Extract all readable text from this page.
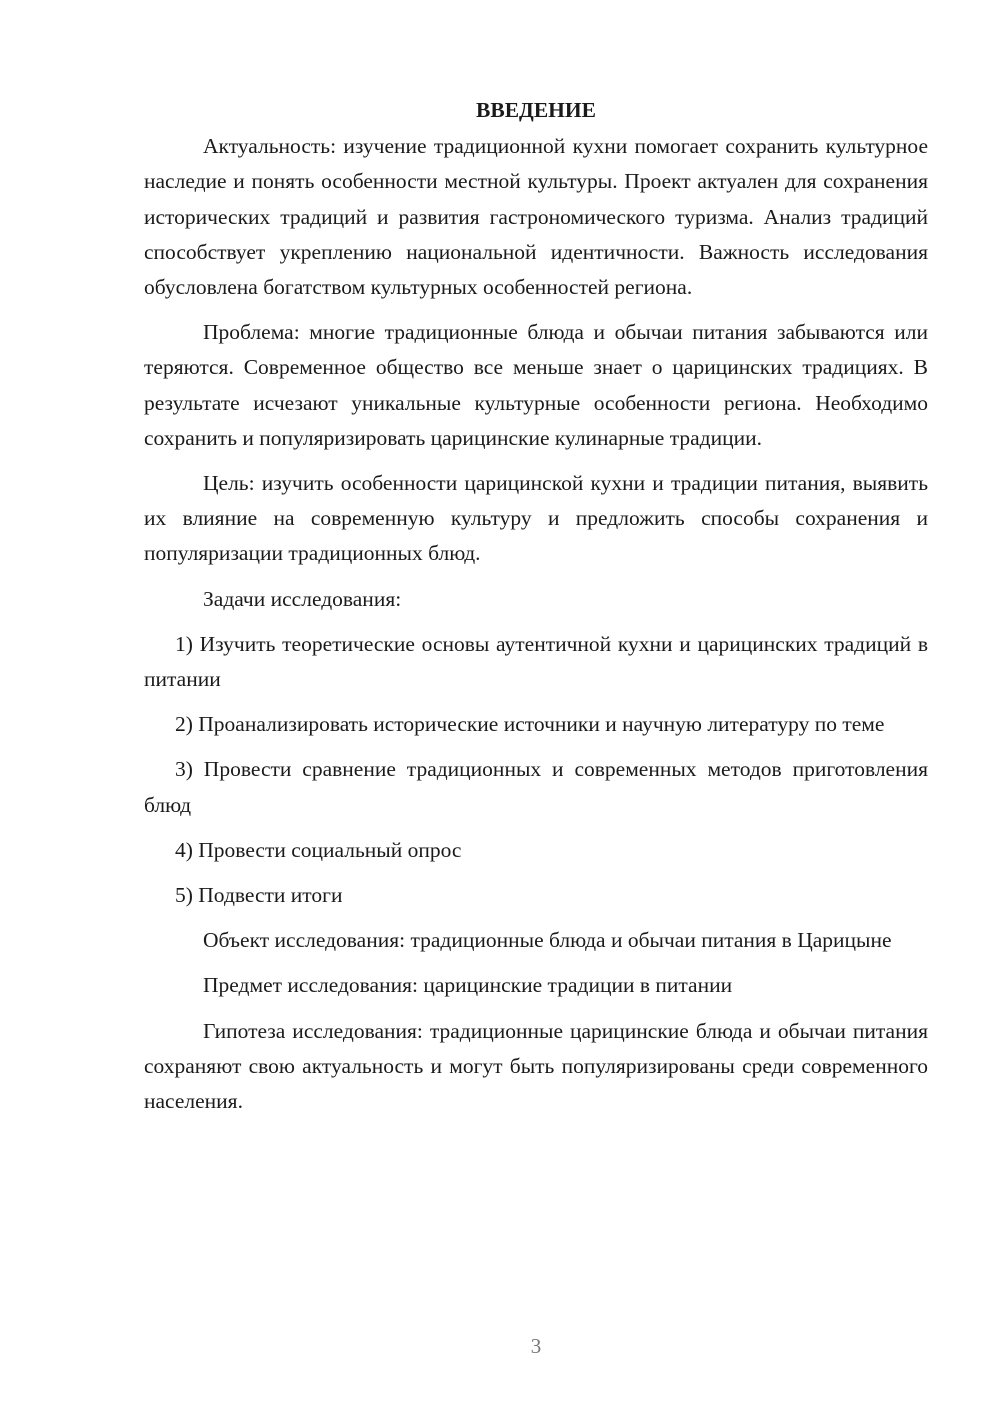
ВВЕДЕНИЕ

Актуальность: изучение традиционной кухни помогает сохранить культурное наследие и понять особенности местной культуры. Проект актуален для сохранения исторических традиций и развития гастрономического туризма. Анализ традиций способствует укреплению национальной идентичности. Важность исследования обусловлена богатством культурных особенностей региона.

Проблема: многие традиционные блюда и обычаи питания забываются или теряются. Современное общество все меньше знает о царицинских традициях. В результате исчезают уникальные культурные особенности региона. Необходимо сохранить и популяризировать царицинские кулинарные традиции.

Цель: изучить особенности царицинской кухни и традиции питания, выявить их влияние на современную культуру и предложить способы сохранения и популяризации традиционных блюд.

Задачи исследования:

1) Изучить теоретические основы аутентичной кухни и царицинских традиций в питании

2) Проанализировать исторические источники и научную литературу по теме

3) Провести сравнение традиционных и современных методов приготовления блюд

4) Провести социальный опрос

5) Подвести итоги

Объект исследования: традиционные блюда и обычаи питания в Царицыне

Предмет исследования: царицинские традиции в питании

Гипотеза исследования: традиционные царицинские блюда и обычаи питания сохраняют свою актуальность и могут быть популяризированы среди современного населения.

3
